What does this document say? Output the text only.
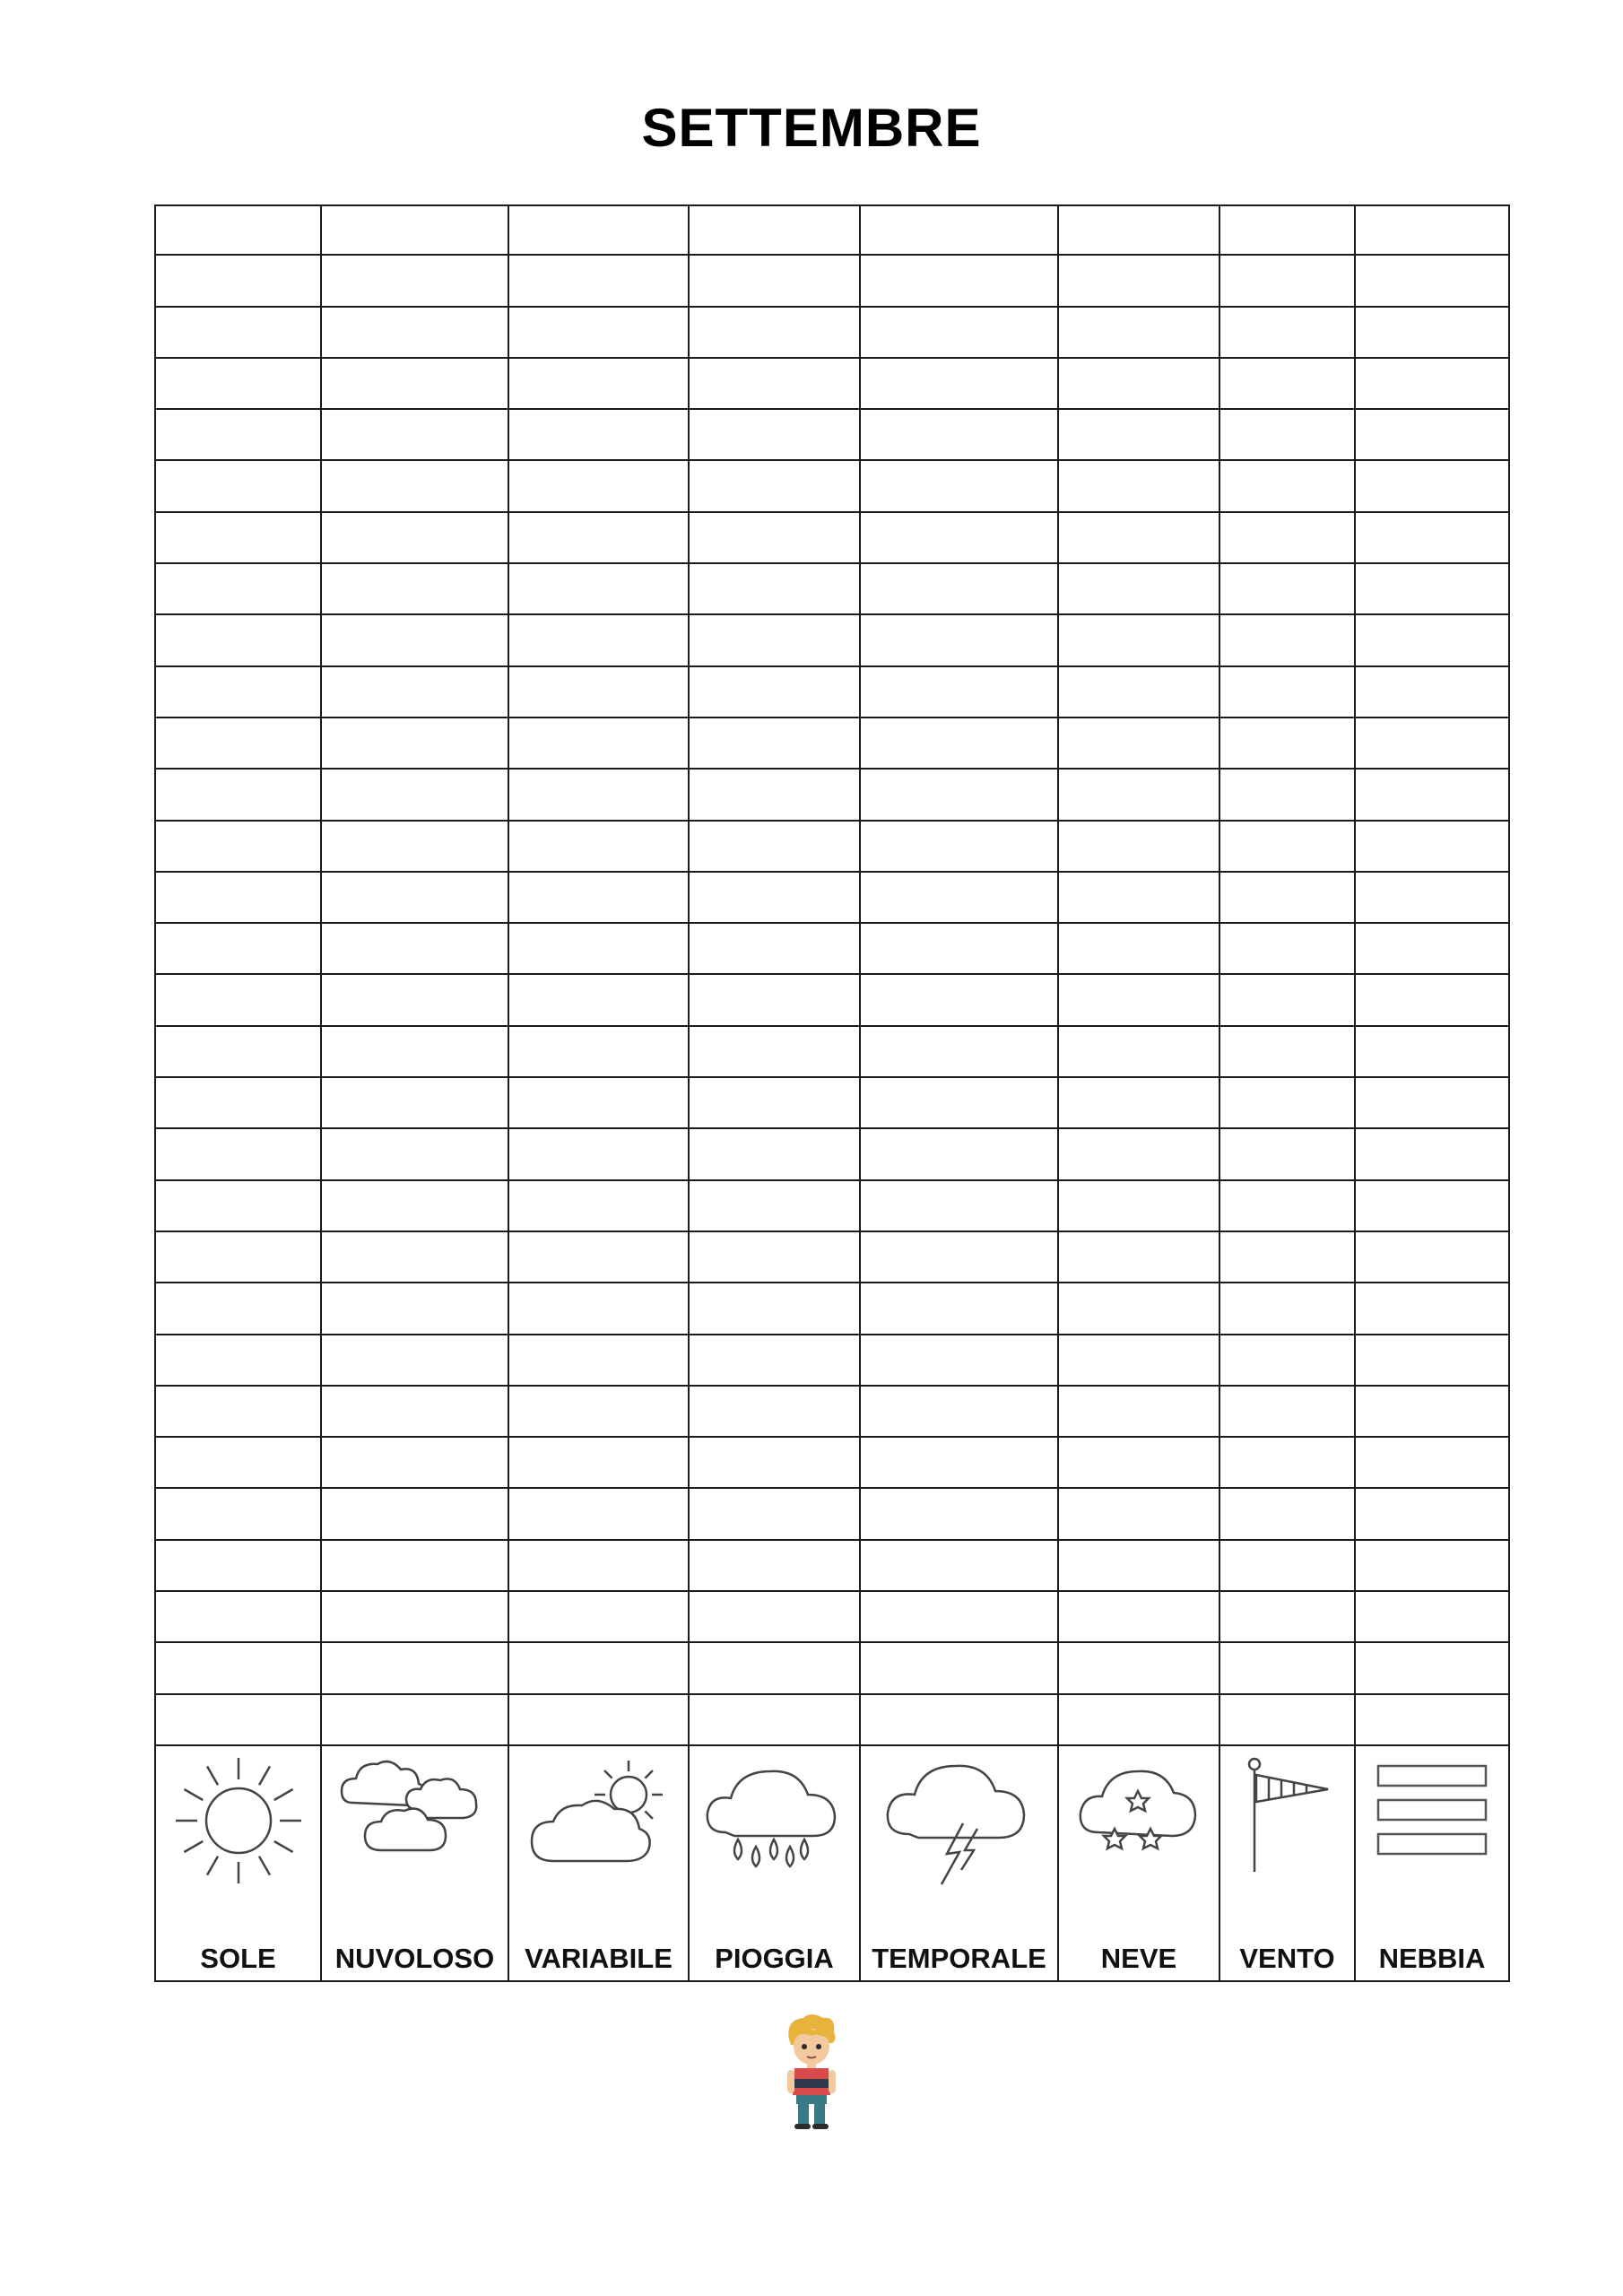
SETTEMBRE
SOLE	NUVOLOSO	VARIABILE	PIOGGIA	TEMPORALE	NEVE	VENTO	NEBBIA
